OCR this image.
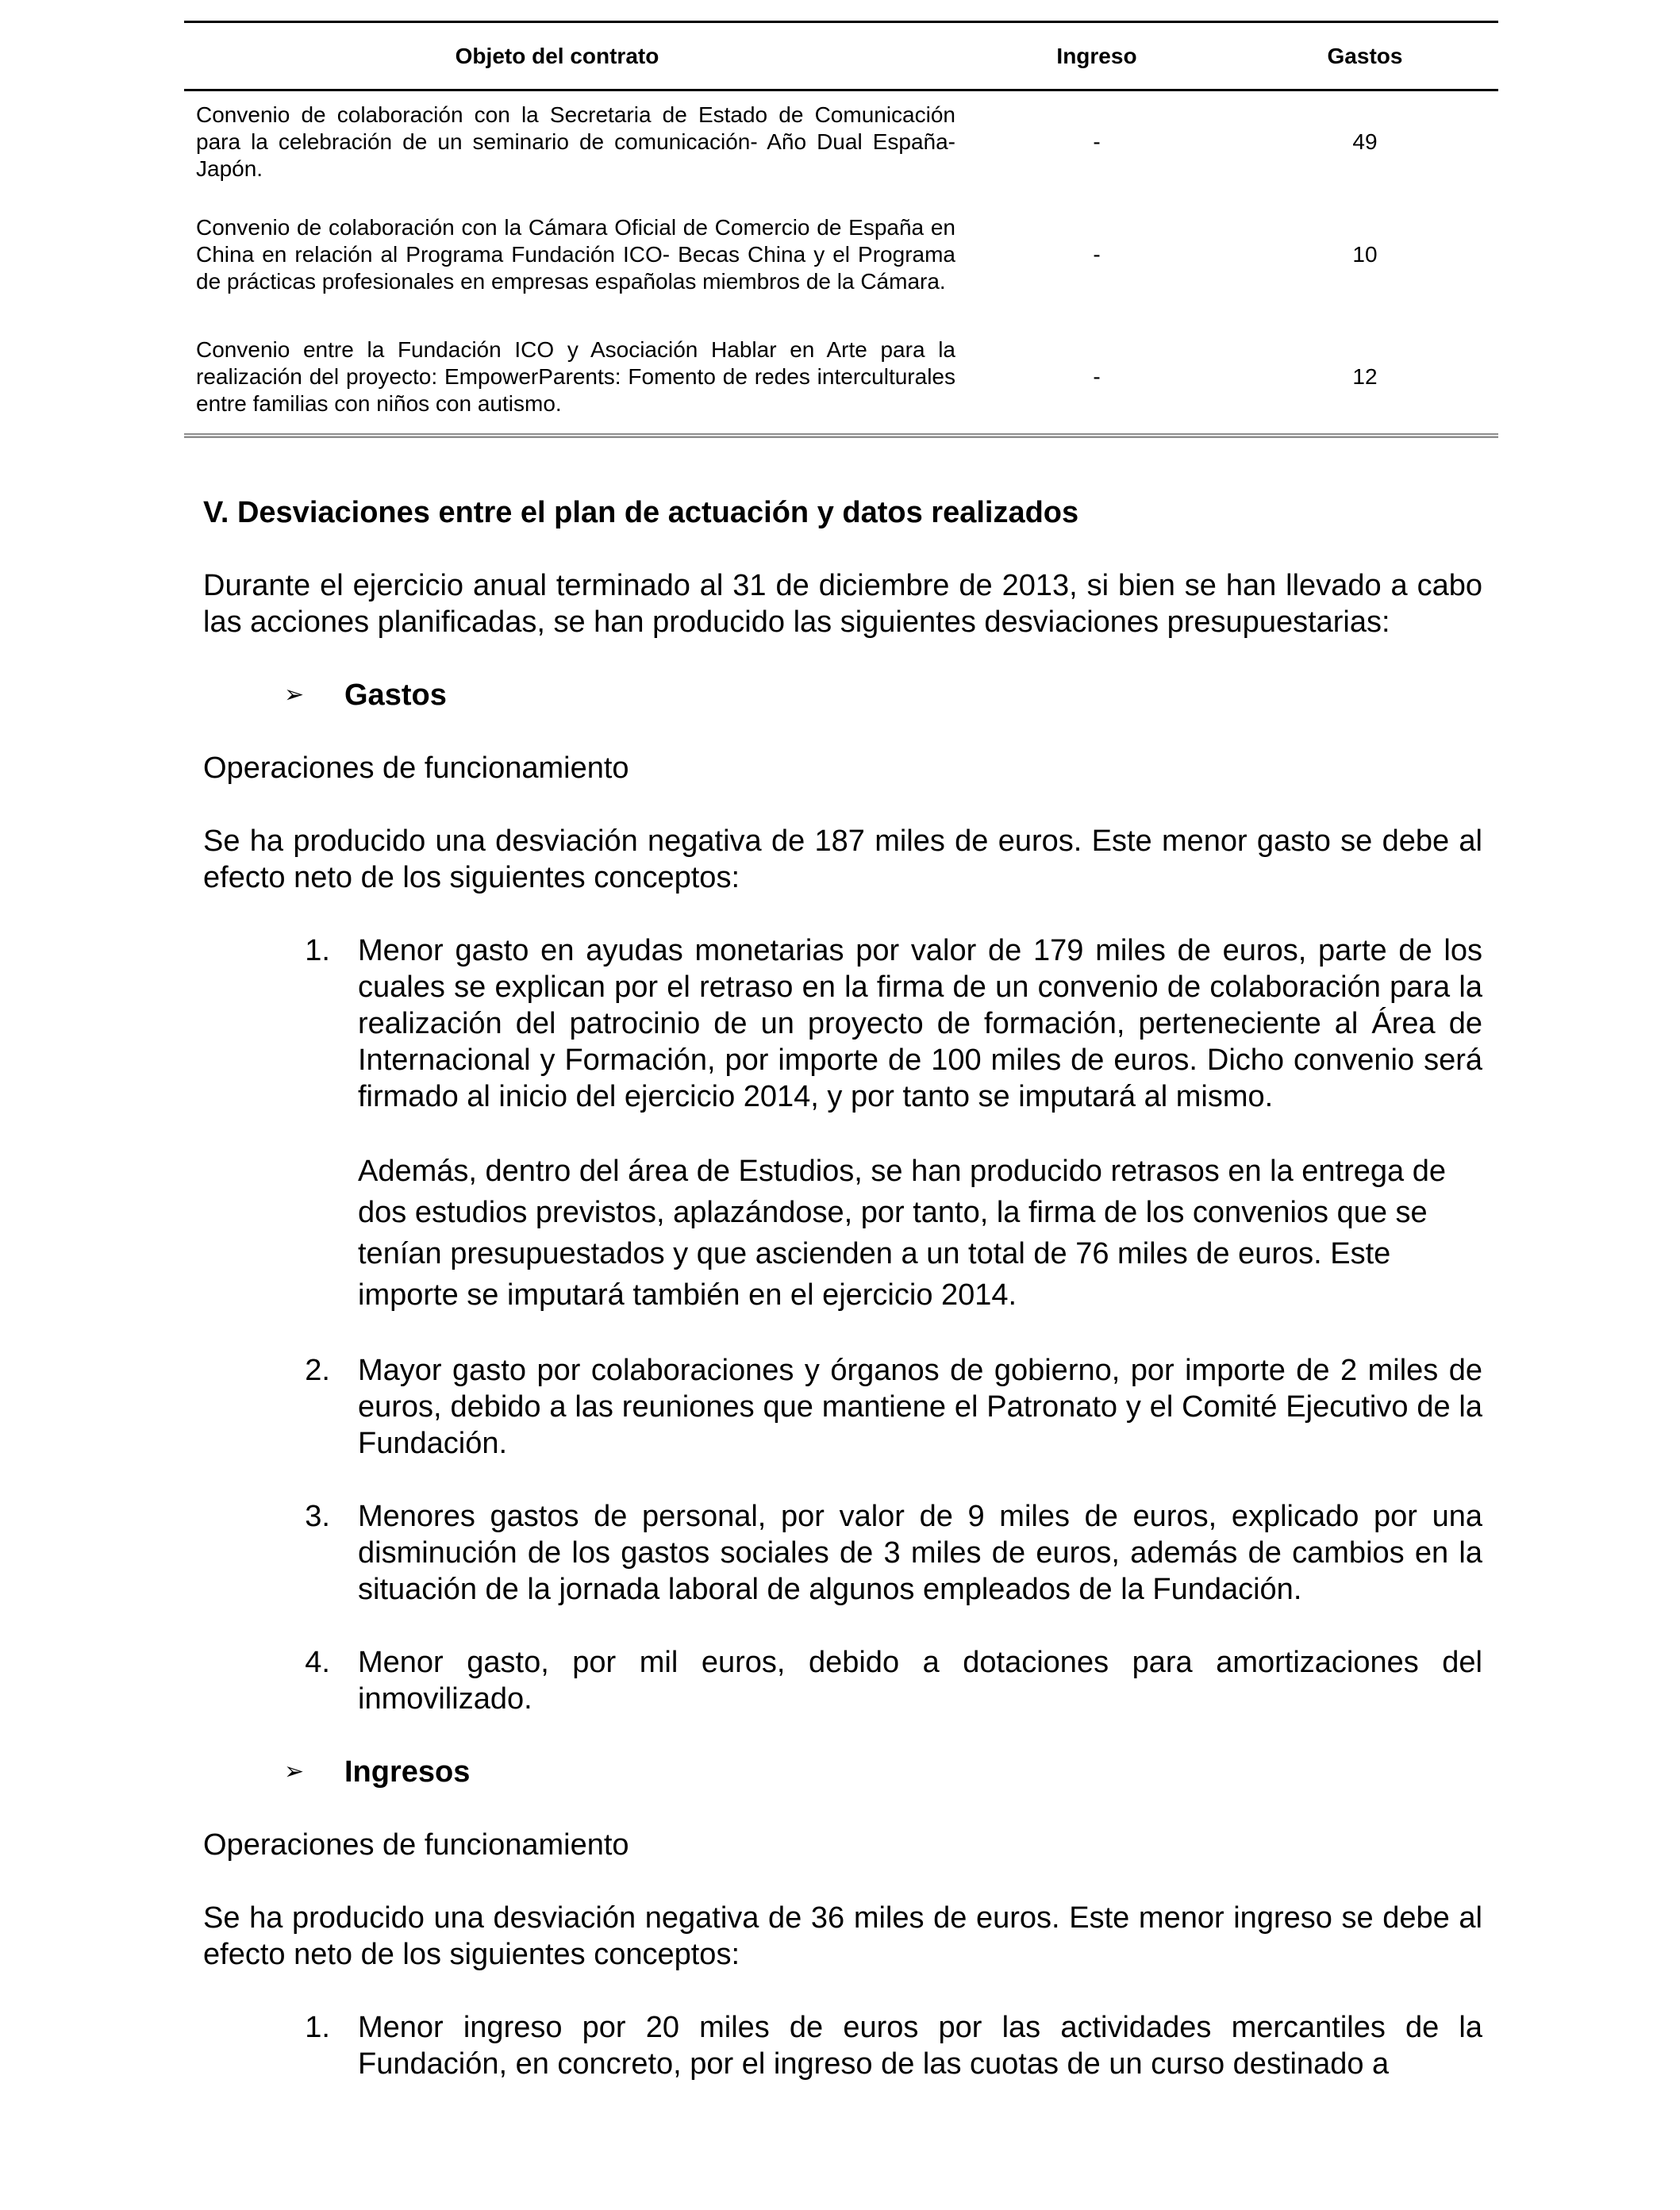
Objeto del contrato	Ingreso	Gastos

Convenio de colaboración con la Secretaria de Estado de Comunicación para la celebración de un seminario de comunicación- Año Dual España-Japón.	-	49

Convenio de colaboración con la Cámara Oficial de Comercio de España en China en relación al Programa Fundación ICO- Becas China y el Programa de prácticas profesionales en empresas españolas miembros de la Cámara.	-	10

Convenio entre la Fundación ICO y Asociación Hablar en Arte para la realización del proyecto: EmpowerParents: Fomento de redes interculturales entre familias con niños con autismo.	-	12
V. Desviaciones entre el plan de actuación y datos realizados

Durante el ejercicio anual terminado al 31 de diciembre de 2013, si bien se han llevado a cabo las acciones planificadas, se han producido las siguientes desviaciones presupuestarias:

➢	Gastos

Operaciones de funcionamiento

Se ha producido una desviación negativa de 187 miles de euros. Este menor gasto se debe al efecto neto de los siguientes conceptos:

1. Menor gasto en ayudas monetarias por valor de 179 miles de euros, parte de los cuales se explican por el retraso en la firma de un convenio de colaboración para la realización del patrocinio de un proyecto de formación, perteneciente al Área de Internacional y Formación, por importe de 100 miles de euros. Dicho convenio será firmado al inicio del ejercicio 2014, y por tanto se imputará al mismo.

Además, dentro del área de Estudios, se han producido retrasos en la entrega de dos estudios previstos, aplazándose, por tanto, la firma de los convenios que se tenían presupuestados y que ascienden a un total de 76 miles de euros. Este importe se imputará también en el ejercicio 2014.

2. Mayor gasto por colaboraciones y órganos de gobierno, por importe de 2 miles de euros, debido a las reuniones que mantiene el Patronato y el Comité Ejecutivo de la Fundación.

3. Menores gastos de personal, por valor de 9 miles de euros, explicado por una disminución de los gastos sociales de 3 miles de euros, además de cambios en la situación de la jornada laboral de algunos empleados de la Fundación.

4. Menor gasto, por mil euros, debido a dotaciones para amortizaciones del inmovilizado.

➢	Ingresos

Operaciones de funcionamiento

Se ha producido una desviación negativa de 36 miles de euros. Este menor ingreso se debe al efecto neto de los siguientes conceptos:

1. Menor ingreso por 20 miles de euros por las actividades mercantiles de la Fundación, en concreto, por el ingreso de las cuotas de un curso destinado a
